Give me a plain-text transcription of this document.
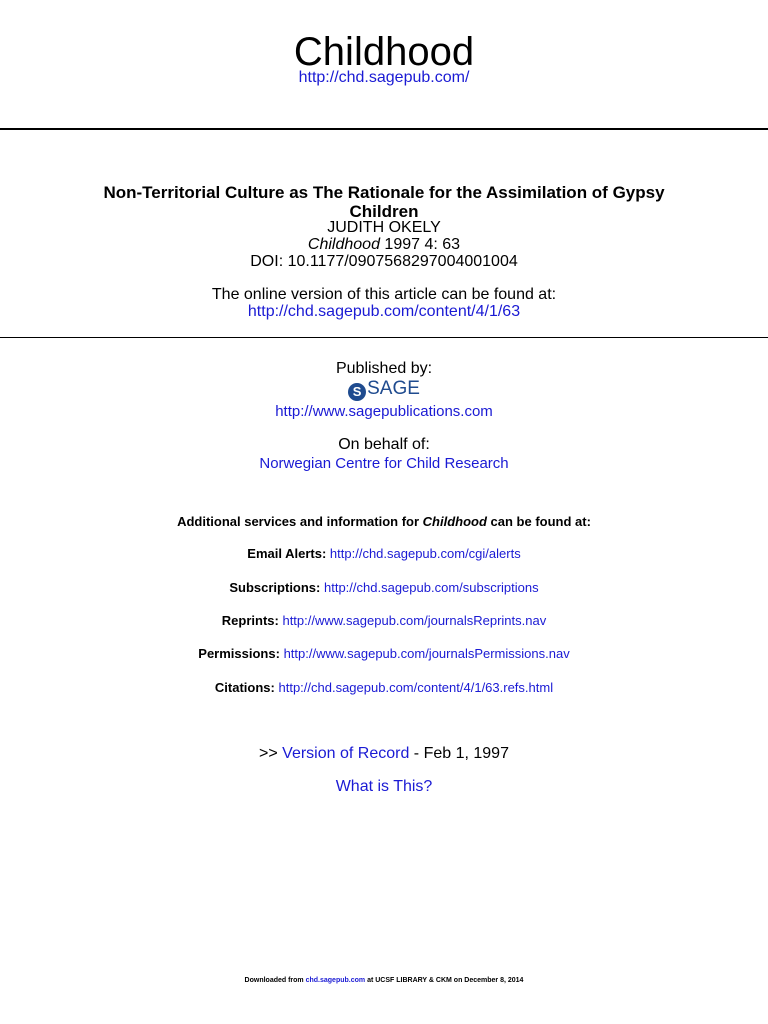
Childhood
http://chd.sagepub.com/
Non-Territorial Culture as The Rationale for the Assimilation of Gypsy
Children
JUDITH OKELY
Childhood 1997 4: 63
DOI: 10.1177/0907568297004001004
The online version of this article can be found at:
http://chd.sagepub.com/content/4/1/63
Published by:
S SAGE
http://www.sagepublications.com
On behalf of:
Norwegian Centre for Child Research
Additional services and information for Childhood can be found at:
Email Alerts: http://chd.sagepub.com/cgi/alerts
Subscriptions: http://chd.sagepub.com/subscriptions
Reprints: http://www.sagepub.com/journalsReprints.nav
Permissions: http://www.sagepub.com/journalsPermissions.nav
Citations: http://chd.sagepub.com/content/4/1/63.refs.html
>> Version of Record - Feb 1, 1997
What is This?
Downloaded from chd.sagepub.com at UCSF LIBRARY & CKM on December 8, 2014
